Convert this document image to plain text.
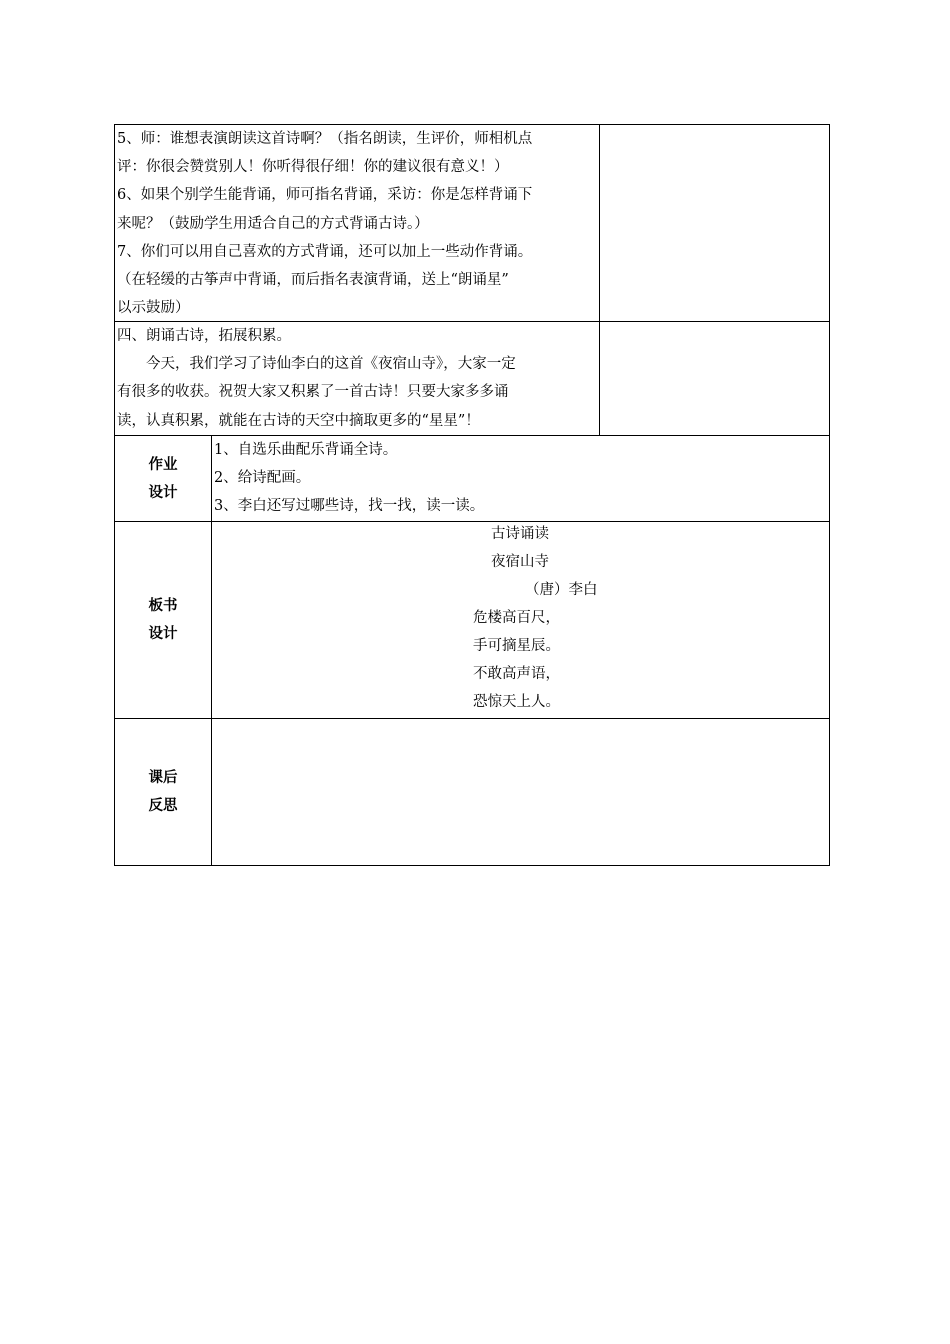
5、师：谁想表演朗读这首诗啊？（指名朗读，生评价，师相机点

评：你很会赞赏别人！你听得很仔细！你的建议很有意义！）

6、如果个别学生能背诵，师可指名背诵，采访：你是怎样背诵下

来呢？（鼓励学生用适合自己的方式背诵古诗。）

7、你们可以用自己喜欢的方式背诵，还可以加上一些动作背诵。

（在轻缓的古筝声中背诵，而后指名表演背诵，送上“朗诵星”

以示鼓励）

四、朗诵古诗，拓展积累。

今天，我们学习了诗仙李白的这首《夜宿山寺》，大家一定

有很多的收获。祝贺大家又积累了一首古诗！只要大家多多诵

读，认真积累，就能在古诗的天空中摘取更多的“星星”！

作业
设计

1、自选乐曲配乐背诵全诗。

2、给诗配画。

3、李白还写过哪些诗，找一找，读一读。

板书
设计
古诗诵读
夜宿山寺
（唐）李白
危楼高百尺，
手可摘星辰。
不敢高声语，
恐惊天上人。
课后
反思
